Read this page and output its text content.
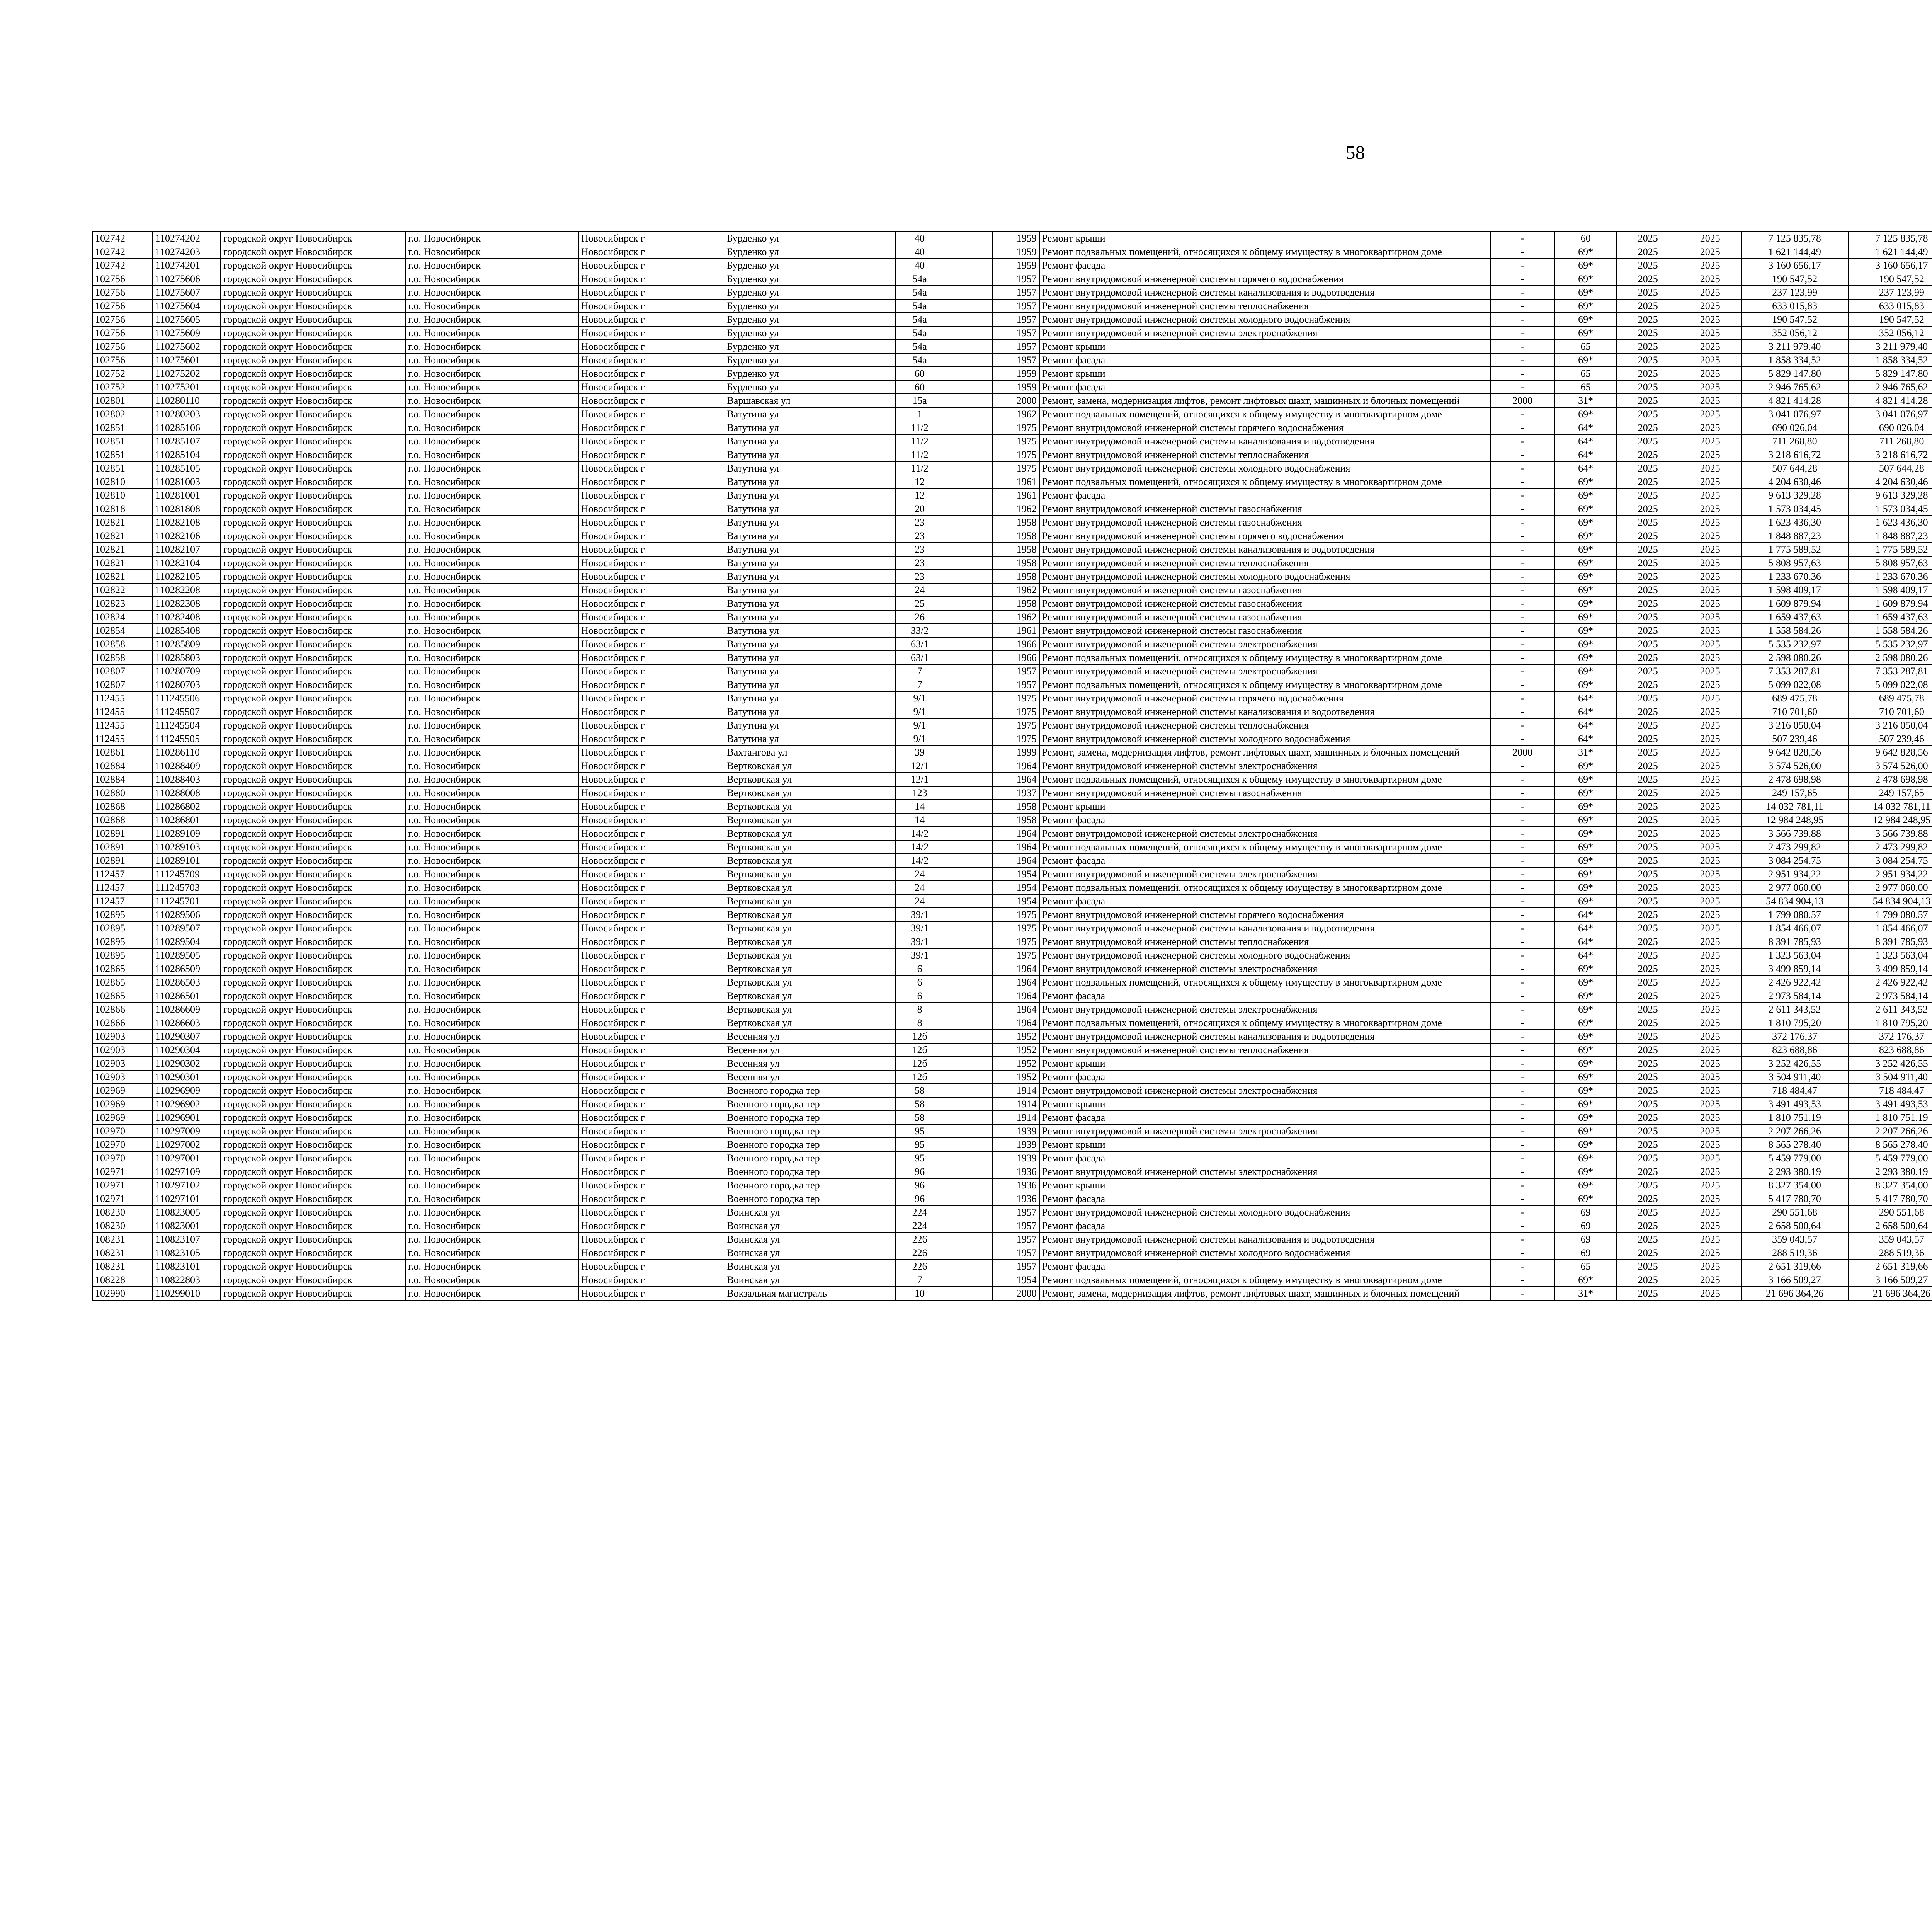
58
102742	110274202	городской округ Новосибирск	г.о. Новосибирск	Новосибирск г	Бурденко ул	40		1959	Ремонт крыши	-	60	2025	2025	7 125 835,78	7 125 835,78							
102742	110274203	городской округ Новосибирск	г.о. Новосибирск	Новосибирск г	Бурденко ул	40		1959	Ремонт подвальных помещений, относящихся к общему имуществу в многоквартирном доме	-	69*	2025	2025	1 621 144,49	1 621 144,49							
102742	110274201	городской округ Новосибирск	г.о. Новосибирск	Новосибирск г	Бурденко ул	40		1959	Ремонт фасада	-	69*	2025	2025	3 160 656,17	3 160 656,17							
102756	110275606	городской округ Новосибирск	г.о. Новосибирск	Новосибирск г	Бурденко ул	54а		1957	Ремонт внутридомовой инженерной системы горячего водоснабжения	-	69*	2025	2025	190 547,52	190 547,52							
102756	110275607	городской округ Новосибирск	г.о. Новосибирск	Новосибирск г	Бурденко ул	54а		1957	Ремонт внутридомовой инженерной системы канализования и водоотведения	-	69*	2025	2025	237 123,99	237 123,99							
102756	110275604	городской округ Новосибирск	г.о. Новосибирск	Новосибирск г	Бурденко ул	54а		1957	Ремонт внутридомовой инженерной системы теплоснабжения	-	69*	2025	2025	633 015,83	633 015,83							
102756	110275605	городской округ Новосибирск	г.о. Новосибирск	Новосибирск г	Бурденко ул	54а		1957	Ремонт внутридомовой инженерной системы холодного водоснабжения	-	69*	2025	2025	190 547,52	190 547,52							
102756	110275609	городской округ Новосибирск	г.о. Новосибирск	Новосибирск г	Бурденко ул	54а		1957	Ремонт внутридомовой инженерной системы электроснабжения	-	69*	2025	2025	352 056,12	352 056,12							
102756	110275602	городской округ Новосибирск	г.о. Новосибирск	Новосибирск г	Бурденко ул	54а		1957	Ремонт крыши	-	65	2025	2025	3 211 979,40	3 211 979,40							
102756	110275601	городской округ Новосибирск	г.о. Новосибирск	Новосибирск г	Бурденко ул	54а		1957	Ремонт фасада	-	69*	2025	2025	1 858 334,52	1 858 334,52							
102752	110275202	городской округ Новосибирск	г.о. Новосибирск	Новосибирск г	Бурденко ул	60		1959	Ремонт крыши	-	65	2025	2025	5 829 147,80	5 829 147,80							
102752	110275201	городской округ Новосибирск	г.о. Новосибирск	Новосибирск г	Бурденко ул	60		1959	Ремонт фасада	-	65	2025	2025	2 946 765,62	2 946 765,62							
102801	110280110	городской округ Новосибирск	г.о. Новосибирск	Новосибирск г	Варшавская ул	15а		2000	Ремонт, замена, модернизация лифтов, ремонт лифтовых шахт, машинных и блочных помещений	2000	31*	2025	2025	4 821 414,28	4 821 414,28							
102802	110280203	городской округ Новосибирск	г.о. Новосибирск	Новосибирск г	Ватутина ул	1		1962	Ремонт подвальных помещений, относящихся к общему имуществу в многоквартирном доме	-	69*	2025	2025	3 041 076,97	3 041 076,97							
102851	110285106	городской округ Новосибирск	г.о. Новосибирск	Новосибирск г	Ватутина ул	11/2		1975	Ремонт внутридомовой инженерной системы горячего водоснабжения	-	64*	2025	2025	690 026,04	690 026,04							
102851	110285107	городской округ Новосибирск	г.о. Новосибирск	Новосибирск г	Ватутина ул	11/2		1975	Ремонт внутридомовой инженерной системы канализования и водоотведения	-	64*	2025	2025	711 268,80	711 268,80							
102851	110285104	городской округ Новосибирск	г.о. Новосибирск	Новосибирск г	Ватутина ул	11/2		1975	Ремонт внутридомовой инженерной системы теплоснабжения	-	64*	2025	2025	3 218 616,72	3 218 616,72							
102851	110285105	городской округ Новосибирск	г.о. Новосибирск	Новосибирск г	Ватутина ул	11/2		1975	Ремонт внутридомовой инженерной системы холодного водоснабжения	-	64*	2025	2025	507 644,28	507 644,28							
102810	110281003	городской округ Новосибирск	г.о. Новосибирск	Новосибирск г	Ватутина ул	12		1961	Ремонт подвальных помещений, относящихся к общему имуществу в многоквартирном доме	-	69*	2025	2025	4 204 630,46	4 204 630,46							
102810	110281001	городской округ Новосибирск	г.о. Новосибирск	Новосибирск г	Ватутина ул	12		1961	Ремонт фасада	-	69*	2025	2025	9 613 329,28	9 613 329,28							
102818	110281808	городской округ Новосибирск	г.о. Новосибирск	Новосибирск г	Ватутина ул	20		1962	Ремонт внутридомовой инженерной системы газоснабжения	-	69*	2025	2025	1 573 034,45	1 573 034,45							
102821	110282108	городской округ Новосибирск	г.о. Новосибирск	Новосибирск г	Ватутина ул	23		1958	Ремонт внутридомовой инженерной системы газоснабжения	-	69*	2025	2025	1 623 436,30	1 623 436,30							
102821	110282106	городской округ Новосибирск	г.о. Новосибирск	Новосибирск г	Ватутина ул	23		1958	Ремонт внутридомовой инженерной системы горячего водоснабжения	-	69*	2025	2025	1 848 887,23	1 848 887,23							
102821	110282107	городской округ Новосибирск	г.о. Новосибирск	Новосибирск г	Ватутина ул	23		1958	Ремонт внутридомовой инженерной системы канализования и водоотведения	-	69*	2025	2025	1 775 589,52	1 775 589,52							
102821	110282104	городской округ Новосибирск	г.о. Новосибирск	Новосибирск г	Ватутина ул	23		1958	Ремонт внутридомовой инженерной системы теплоснабжения	-	69*	2025	2025	5 808 957,63	5 808 957,63							
102821	110282105	городской округ Новосибирск	г.о. Новосибирск	Новосибирск г	Ватутина ул	23		1958	Ремонт внутридомовой инженерной системы холодного водоснабжения	-	69*	2025	2025	1 233 670,36	1 233 670,36							
102822	110282208	городской округ Новосибирск	г.о. Новосибирск	Новосибирск г	Ватутина ул	24		1962	Ремонт внутридомовой инженерной системы газоснабжения	-	69*	2025	2025	1 598 409,17	1 598 409,17							
102823	110282308	городской округ Новосибирск	г.о. Новосибирск	Новосибирск г	Ватутина ул	25		1958	Ремонт внутридомовой инженерной системы газоснабжения	-	69*	2025	2025	1 609 879,94	1 609 879,94							
102824	110282408	городской округ Новосибирск	г.о. Новосибирск	Новосибирск г	Ватутина ул	26		1962	Ремонт внутридомовой инженерной системы газоснабжения	-	69*	2025	2025	1 659 437,63	1 659 437,63							
102854	110285408	городской округ Новосибирск	г.о. Новосибирск	Новосибирск г	Ватутина ул	33/2		1961	Ремонт внутридомовой инженерной системы газоснабжения	-	69*	2025	2025	1 558 584,26	1 558 584,26							
102858	110285809	городской округ Новосибирск	г.о. Новосибирск	Новосибирск г	Ватутина ул	63/1		1966	Ремонт внутридомовой инженерной системы электроснабжения	-	69*	2025	2025	5 535 232,97	5 535 232,97							
102858	110285803	городской округ Новосибирск	г.о. Новосибирск	Новосибирск г	Ватутина ул	63/1		1966	Ремонт подвальных помещений, относящихся к общему имуществу в многоквартирном доме	-	69*	2025	2025	2 598 080,26	2 598 080,26							
102807	110280709	городской округ Новосибирск	г.о. Новосибирск	Новосибирск г	Ватутина ул	7		1957	Ремонт внутридомовой инженерной системы электроснабжения	-	69*	2025	2025	7 353 287,81	7 353 287,81							
102807	110280703	городской округ Новосибирск	г.о. Новосибирск	Новосибирск г	Ватутина ул	7		1957	Ремонт подвальных помещений, относящихся к общему имуществу в многоквартирном доме	-	69*	2025	2025	5 099 022,08	5 099 022,08							
112455	111245506	городской округ Новосибирск	г.о. Новосибирск	Новосибирск г	Ватутина ул	9/1		1975	Ремонт внутридомовой инженерной системы горячего водоснабжения	-	64*	2025	2025	689 475,78	689 475,78							
112455	111245507	городской округ Новосибирск	г.о. Новосибирск	Новосибирск г	Ватутина ул	9/1		1975	Ремонт внутридомовой инженерной системы канализования и водоотведения	-	64*	2025	2025	710 701,60	710 701,60							
112455	111245504	городской округ Новосибирск	г.о. Новосибирск	Новосибирск г	Ватутина ул	9/1		1975	Ремонт внутридомовой инженерной системы теплоснабжения	-	64*	2025	2025	3 216 050,04	3 216 050,04							
112455	111245505	городской округ Новосибирск	г.о. Новосибирск	Новосибирск г	Ватутина ул	9/1		1975	Ремонт внутридомовой инженерной системы холодного водоснабжения	-	64*	2025	2025	507 239,46	507 239,46							
102861	110286110	городской округ Новосибирск	г.о. Новосибирск	Новосибирск г	Вахтангова ул	39		1999	Ремонт, замена, модернизация лифтов, ремонт лифтовых шахт, машинных и блочных помещений	2000	31*	2025	2025	9 642 828,56	9 642 828,56							
102884	110288409	городской округ Новосибирск	г.о. Новосибирск	Новосибирск г	Вертковская ул	12/1		1964	Ремонт внутридомовой инженерной системы электроснабжения	-	69*	2025	2025	3 574 526,00	3 574 526,00							
102884	110288403	городской округ Новосибирск	г.о. Новосибирск	Новосибирск г	Вертковская ул	12/1		1964	Ремонт подвальных помещений, относящихся к общему имуществу в многоквартирном доме	-	69*	2025	2025	2 478 698,98	2 478 698,98							
102880	110288008	городской округ Новосибирск	г.о. Новосибирск	Новосибирск г	Вертковская ул	123		1937	Ремонт внутридомовой инженерной системы газоснабжения	-	69*	2025	2025	249 157,65	249 157,65							
102868	110286802	городской округ Новосибирск	г.о. Новосибирск	Новосибирск г	Вертковская ул	14		1958	Ремонт крыши	-	69*	2025	2025	14 032 781,11	14 032 781,11							
102868	110286801	городской округ Новосибирск	г.о. Новосибирск	Новосибирск г	Вертковская ул	14		1958	Ремонт фасада	-	69*	2025	2025	12 984 248,95	12 984 248,95							
102891	110289109	городской округ Новосибирск	г.о. Новосибирск	Новосибирск г	Вертковская ул	14/2		1964	Ремонт внутридомовой инженерной системы электроснабжения	-	69*	2025	2025	3 566 739,88	3 566 739,88							
102891	110289103	городской округ Новосибирск	г.о. Новосибирск	Новосибирск г	Вертковская ул	14/2		1964	Ремонт подвальных помещений, относящихся к общему имуществу в многоквартирном доме	-	69*	2025	2025	2 473 299,82	2 473 299,82							
102891	110289101	городской округ Новосибирск	г.о. Новосибирск	Новосибирск г	Вертковская ул	14/2		1964	Ремонт фасада	-	69*	2025	2025	3 084 254,75	3 084 254,75							
112457	111245709	городской округ Новосибирск	г.о. Новосибирск	Новосибирск г	Вертковская ул	24		1954	Ремонт внутридомовой инженерной системы электроснабжения	-	69*	2025	2025	2 951 934,22	2 951 934,22							
112457	111245703	городской округ Новосибирск	г.о. Новосибирск	Новосибирск г	Вертковская ул	24		1954	Ремонт подвальных помещений, относящихся к общему имуществу в многоквартирном доме	-	69*	2025	2025	2 977 060,00	2 977 060,00							
112457	111245701	городской округ Новосибирск	г.о. Новосибирск	Новосибирск г	Вертковская ул	24		1954	Ремонт фасада	-	69*	2025	2025	54 834 904,13	54 834 904,13							
102895	110289506	городской округ Новосибирск	г.о. Новосибирск	Новосибирск г	Вертковская ул	39/1		1975	Ремонт внутридомовой инженерной системы горячего водоснабжения	-	64*	2025	2025	1 799 080,57	1 799 080,57							
102895	110289507	городской округ Новосибирск	г.о. Новосибирск	Новосибирск г	Вертковская ул	39/1		1975	Ремонт внутридомовой инженерной системы канализования и водоотведения	-	64*	2025	2025	1 854 466,07	1 854 466,07							
102895	110289504	городской округ Новосибирск	г.о. Новосибирск	Новосибирск г	Вертковская ул	39/1		1975	Ремонт внутридомовой инженерной системы теплоснабжения	-	64*	2025	2025	8 391 785,93	8 391 785,93							
102895	110289505	городской округ Новосибирск	г.о. Новосибирск	Новосибирск г	Вертковская ул	39/1		1975	Ремонт внутридомовой инженерной системы холодного водоснабжения	-	64*	2025	2025	1 323 563,04	1 323 563,04							
102865	110286509	городской округ Новосибирск	г.о. Новосибирск	Новосибирск г	Вертковская ул	6		1964	Ремонт внутридомовой инженерной системы электроснабжения	-	69*	2025	2025	3 499 859,14	3 499 859,14							
102865	110286503	городской округ Новосибирск	г.о. Новосибирск	Новосибирск г	Вертковская ул	6		1964	Ремонт подвальных помещений, относящихся к общему имуществу в многоквартирном доме	-	69*	2025	2025	2 426 922,42	2 426 922,42							
102865	110286501	городской округ Новосибирск	г.о. Новосибирск	Новосибирск г	Вертковская ул	6		1964	Ремонт фасада	-	69*	2025	2025	2 973 584,14	2 973 584,14							
102866	110286609	городской округ Новосибирск	г.о. Новосибирск	Новосибирск г	Вертковская ул	8		1964	Ремонт внутридомовой инженерной системы электроснабжения	-	69*	2025	2025	2 611 343,52	2 611 343,52							
102866	110286603	городской округ Новосибирск	г.о. Новосибирск	Новосибирск г	Вертковская ул	8		1964	Ремонт подвальных помещений, относящихся к общему имуществу в многоквартирном доме	-	69*	2025	2025	1 810 795,20	1 810 795,20							
102903	110290307	городской округ Новосибирск	г.о. Новосибирск	Новосибирск г	Весенняя ул	12б		1952	Ремонт внутридомовой инженерной системы канализования и водоотведения	-	69*	2025	2025	372 176,37	372 176,37							
102903	110290304	городской округ Новосибирск	г.о. Новосибирск	Новосибирск г	Весенняя ул	12б		1952	Ремонт внутридомовой инженерной системы теплоснабжения	-	69*	2025	2025	823 688,86	823 688,86							
102903	110290302	городской округ Новосибирск	г.о. Новосибирск	Новосибирск г	Весенняя ул	12б		1952	Ремонт крыши	-	69*	2025	2025	3 252 426,55	3 252 426,55							
102903	110290301	городской округ Новосибирск	г.о. Новосибирск	Новосибирск г	Весенняя ул	12б		1952	Ремонт фасада	-	69*	2025	2025	3 504 911,40	3 504 911,40							
102969	110296909	городской округ Новосибирск	г.о. Новосибирск	Новосибирск г	Военного городка тер	58		1914	Ремонт внутридомовой инженерной системы электроснабжения	-	69*	2025	2025	718 484,47	718 484,47							
102969	110296902	городской округ Новосибирск	г.о. Новосибирск	Новосибирск г	Военного городка тер	58		1914	Ремонт крыши	-	69*	2025	2025	3 491 493,53	3 491 493,53							
102969	110296901	городской округ Новосибирск	г.о. Новосибирск	Новосибирск г	Военного городка тер	58		1914	Ремонт фасада	-	69*	2025	2025	1 810 751,19	1 810 751,19							
102970	110297009	городской округ Новосибирск	г.о. Новосибирск	Новосибирск г	Военного городка тер	95		1939	Ремонт внутридомовой инженерной системы электроснабжения	-	69*	2025	2025	2 207 266,26	2 207 266,26							
102970	110297002	городской округ Новосибирск	г.о. Новосибирск	Новосибирск г	Военного городка тер	95		1939	Ремонт крыши	-	69*	2025	2025	8 565 278,40	8 565 278,40							
102970	110297001	городской округ Новосибирск	г.о. Новосибирск	Новосибирск г	Военного городка тер	95		1939	Ремонт фасада	-	69*	2025	2025	5 459 779,00	5 459 779,00							
102971	110297109	городской округ Новосибирск	г.о. Новосибирск	Новосибирск г	Военного городка тер	96		1936	Ремонт внутридомовой инженерной системы электроснабжения	-	69*	2025	2025	2 293 380,19	2 293 380,19							
102971	110297102	городской округ Новосибирск	г.о. Новосибирск	Новосибирск г	Военного городка тер	96		1936	Ремонт крыши	-	69*	2025	2025	8 327 354,00	8 327 354,00							
102971	110297101	городской округ Новосибирск	г.о. Новосибирск	Новосибирск г	Военного городка тер	96		1936	Ремонт фасада	-	69*	2025	2025	5 417 780,70	5 417 780,70							
108230	110823005	городской округ Новосибирск	г.о. Новосибирск	Новосибирск г	Воинская ул	224		1957	Ремонт внутридомовой инженерной системы холодного водоснабжения	-	69	2025	2025	290 551,68	290 551,68							
108230	110823001	городской округ Новосибирск	г.о. Новосибирск	Новосибирск г	Воинская ул	224		1957	Ремонт фасада	-	69	2025	2025	2 658 500,64	2 658 500,64							
108231	110823107	городской округ Новосибирск	г.о. Новосибирск	Новосибирск г	Воинская ул	226		1957	Ремонт внутридомовой инженерной системы канализования и водоотведения	-	69	2025	2025	359 043,57	359 043,57							
108231	110823105	городской округ Новосибирск	г.о. Новосибирск	Новосибирск г	Воинская ул	226		1957	Ремонт внутридомовой инженерной системы холодного водоснабжения	-	69	2025	2025	288 519,36	288 519,36							
108231	110823101	городской округ Новосибирск	г.о. Новосибирск	Новосибирск г	Воинская ул	226		1957	Ремонт фасада	-	65	2025	2025	2 651 319,66	2 651 319,66							
108228	110822803	городской округ Новосибирск	г.о. Новосибирск	Новосибирск г	Воинская ул	7		1954	Ремонт подвальных помещений, относящихся к общему имуществу в многоквартирном доме	-	69*	2025	2025	3 166 509,27	3 166 509,27							
102990	110299010	городской округ Новосибирск	г.о. Новосибирск	Новосибирск г	Вокзальная магистраль	10		2000	Ремонт, замена, модернизация лифтов, ремонт лифтовых шахт, машинных и блочных помещений	-	31*	2025	2025	21 696 364,26	21 696 364,26							
